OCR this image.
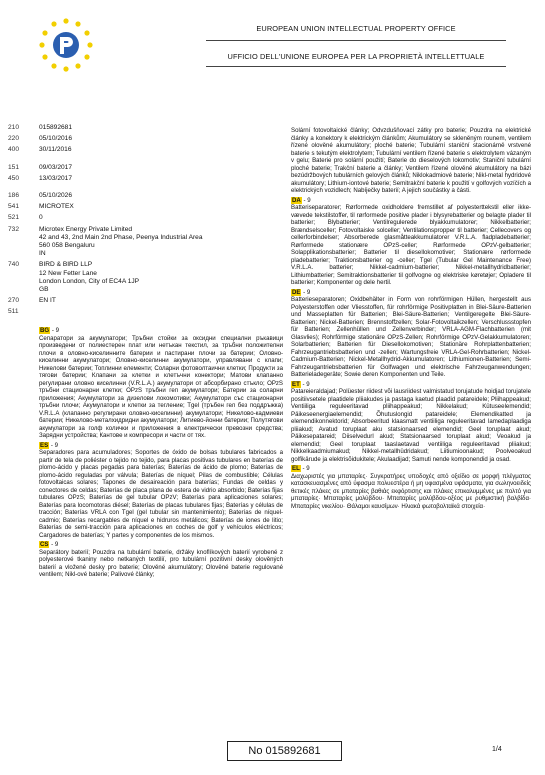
EUROPEAN UNION INTELLECTUAL PROPERTY OFFICE
UFFICIO DELL'UNIONE EUROPEA PER LA PROPRIETÀ INTELLETTUALE
210	015892681
220	05/10/2016
400	30/11/2016
151	09/03/2017
450	13/03/2017
186	05/10/2026
541	MICROTEX
521	0
732	Microtex Energy Private Limited
42 and 43, 2nd Main 2nd Phase, Peenya Industrial Area
560 058 Bengaluru
IN
740	BIRD & BIRD LLP
12 New Fetter Lane
London London, City of EC4A 1JP
GB
270	EN IT
511
BG - 9

Сепаратори за акумулатори; Тръбни стойки за оксидни специални ръкавици произведени от полиестерен плат или нетъкан текстил, за тръбни положителни плочи в оловно-киселинните батерии и пастирани плочи за батерии; Оловно- киселинни акумулатори; Оловно-киселинни акумулатори, управлявани с клапи; Никелови батерии; Топлинни елементи; Соларни фотоволтаични клетки; Продукти за тягови батерии; Клапани за клетки и клетъчни конектори; Матови клапанно регулирани оловно киселинни (V.R.L.A.) акумулатори от абсорбирано стъкло; OPzS тръбни стационарни клетки; OPzS тръбни геп акумулатори; Батерии за соларни приложения; Акумулатори за дизелови локомотиви; Акумулатори със стационарни тръбни плочи; Акумулатори и клетки за тегление; Tgel (тръбен гел без поддръжка) V.R.L.A (клапанно регулирани оловно-киселинни) акумулатори; Никелово-кадмиеви батерии; Никелово-металхидридни акумулатори; Литиево-йонни батерии; Полутягови акумулатори за голф колички и приложения в електрически превозни средства; Зарядни устройства; Кантове и компресори и части от тях.

ES - 9

Separadores para acumuladores; Soportes de óxido de bolsas tubulares fabricados a partir de tela de poliéster o tejido no tejido, para placas positivas tubulares en baterías de plomo-ácido y placas pegadas para baterías; Baterías de ácido de plomo; Baterías de plomo-ácido reguladas por válvula; Baterías de níquel; Pilas de combustible; Células fotovoltaicas solares; Tapones de desaireación para baterías; Fundas de celdas y conectores de celdas; Baterías de placa plana de estera de vidrio absorbido; Baterías fijas tubulares OPzS; Baterías de gel tubular OPzV; Baterías para aplicaciones solares; Baterías para locomotoras diésel; Baterías de placas tubulares fijas; Baterías y células de tracción; Baterías VRLA con Tgel (gel tubular sin mantenimiento); Baterías de níquel-cadmio; Baterías recargables de níquel e hidruros metálicos; Baterías de iones de litio; Baterías de semi-tracción para aplicaciones en coches de golf y vehículos eléctricos; Cargadores de baterías; Y partes y componentes de los mismos.

CS - 9

Separátory baterií; Pouzdra na tubulární baterie, držáky knoflíkových baterií vyrobené z polyesterové tkaniny nebo netkaných textilií, pro tubulární pozitivní desky olověných baterií a vložené desky pro baterie; Olověné akumulátory; Olověné baterie regulované ventilem; Nikl-ové baterie; Palivové články;

Solární fotovoltaické články; Odvzdušňovací zátky pro baterie; Pouzdra na elektrické články a konektory k elektrickým článkům; Akumulátory se skleněným rounem, ventilem řízené olověné akumulátory; ploché baterie; Tubulární staniční stacionárně vrstvené baterie s tekutým elektrolytem; Tubulární ventilem řízené baterie s elektrolytem vázaným v gelu; Baterie pro solární použití; Baterie do dieselových lokomotiv; Staniční tubulární ploché baterie; Trakční baterie a články; Ventilem řízené olověné akumulátory na bázi bezúdržbových tubulárních gelových článků; Niklokadmiové baterie; Nikl-metal hydridové akumulátory; Lithium-iontové baterie; Semitrakční baterie k použití v golfových vozíčích a elektrických vozidlech; Nabíječky baterií; A jejich součástky a části.

DA - 9

Batteriseparatorer; Rørformede oxidholdere fremstillet af polyesterttekstil eller ikke-vævede tekstilstoffer, til rørformede positive plader i blysyrebatterier og belagte plader til batterier; Blybatterier; Ventilregulerede blyakkumulatorer; Nikkelbatterier; Brændselsceller; Fotovoltaiske solceller; Ventilationspropper til batterier; Cellecovers og cellerforbindelser; Absorberede glasmåtteakkumulatorer V.R.L.A. fladpladebatterier; Rørformede stationære OPzS-celler; Rørformede OPzV-gelbatterier; Solapplikationsbatterier; Batterier til diesellokomotiver; Stationære rørformede pladebatterier; Traktionsbatterier og -celler; Tgel (Tubular Gel Maintenance Free) V.R.L.A. batterier; Nikkel-cadmium-batterier; Nikkel-metallhydridbatterier; Lithiumbatterier; Semitraktionsbatterier til golfvogne og elektriske køretøjer; Opladere til batterier; Komponenter og dele hertil.

DE - 9

Batterieseparatoren; Oxidbehälter in Form von rohrförmigen Hüllen, hergestellt aus Polyesterstoffen oder Vliesstoffen, für rohrförmige Positivplatten in Blei-Säure-Batterien und Masseplatten für Batterien; Blei-Säure-Batterien; Ventilgeregelte Blei-Säure-Batterien; Nickel-Batterien; Brennstoffzellen; Solar-Fotovoltaikzellen; Verschlussstopfen für Batterien; Zellenhüllen und Zellenverbinder; VRLA-AGM-Flachbatterien (mit Glasvlies); Rohrförmige stationäre OPzS-Zellen; Rohrförmige OPzV-Gelakkumulatoren; Solarbatterien; Batterien für Diesellokomotiven; Stationäre Rohrplattenbatterien; Fahrzeugantriebsbatterien und -zellen; Wartungsfreie VRLA-Gel-Rohrbatterien; Nickel-Cadmium-Batterien; Nickel-Metallhydrid-Akkumulatoren; Lithiumionen-Batterien; Semi-Fahrzeugantriebsbatterien für Golfwagen und elektrische Fahrzeuganwendungen; Batterieladegeräte; Sowie deren Komponenten und Teile.

ET - 9

Patareieraldajad; Polüester riidest või lausriidest valmistatud torujatude hoidjad torujatele positiivsetele plaatidele pliiakudes ja pastaga kaetud plaadid patareidele; Pliihappeakud; Ventiiliga reguleeritavad pliihappeakud; Nikkelakud; Kütuseelemendid; Päikeseenergiaelemendid; Õhutuslongid patareidele; Elemendikatted ja elemendikonnektorid; Absorbeeritud klaasmatt ventiiliga reguleeritavad lamedaplaadiga pliiakud; Avatud toruplaat aku statsionaarsed elemendid; Geel toruplaat akud; Päikesepatareid; Diiselvedurl akud; Statsionaarsed toruplaat akud; Veoakud ja elemendid; Geel toruplaat taaslaetavad ventiiliga reguleeritavad pliiakud; Nikkelkaadmiumakud; Nikkel-metallhüdridakud; Liitiumioonakud; Poolveoakud golfikärude ja elektrisõidukitele; Akulaadijad; Samuti nende komponendid ja osad.

EL - 9

Διαχωριστές για μπαταρίες· Συγκρατήρες υποδοχές από οξείδιο σε μορφή πλέγματος κατασκευασμένες από ύφασμα πολυεστέρα ή μη υφασμένα υφάσματα, για σωληνοειδείς θετικές πλάκες σε μπαταρίες βαθιάς εκφόρτισης και πλάκες επικαλυμμένες με πολτό για μπαταρίες· Μπαταρίες μολύβδου· Μπαταρίες μολύβδου-οξέος με ρυθμιστική βαλβίδα· Μπαταρίες νικελίου· Θάλαμοι καυσίμων· Ηλιακά φωτοβολταϊκά στοιχεία·

No 015892681	1/4
